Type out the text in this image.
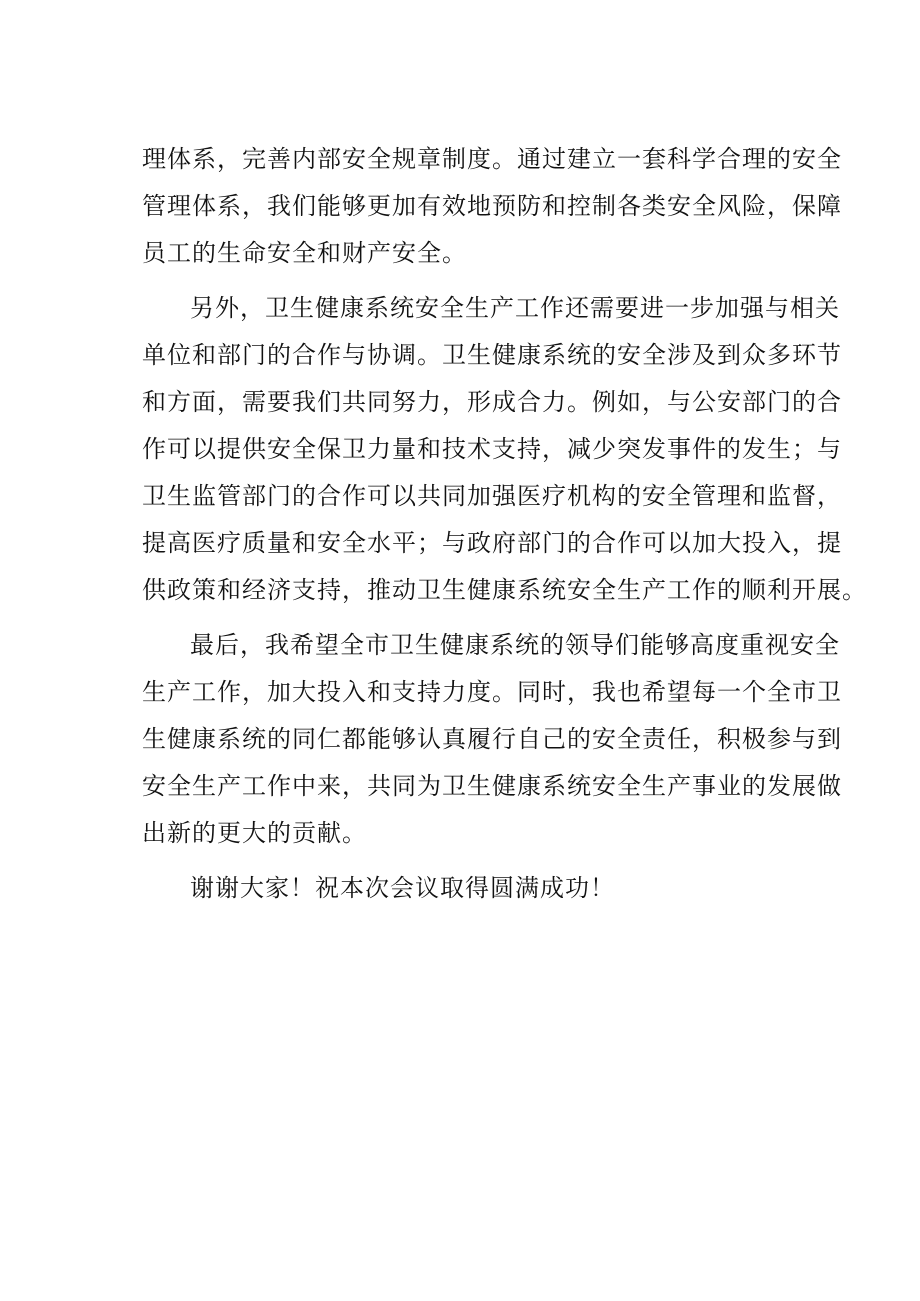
理体系，完善内部安全规章制度。通过建立一套科学合理的安全
管理体系，我们能够更加有效地预防和控制各类安全风险，保障
员工的生命安全和财产安全。

另外，卫生健康系统安全生产工作还需要进一步加强与相关
单位和部门的合作与协调。卫生健康系统的安全涉及到众多环节
和方面，需要我们共同努力，形成合力。例如，与公安部门的合
作可以提供安全保卫力量和技术支持，减少突发事件的发生；与
卫生监管部门的合作可以共同加强医疗机构的安全管理和监督，
提高医疗质量和安全水平；与政府部门的合作可以加大投入，提
供政策和经济支持，推动卫生健康系统安全生产工作的顺利开展。

最后，我希望全市卫生健康系统的领导们能够高度重视安全
生产工作，加大投入和支持力度。同时，我也希望每一个全市卫
生健康系统的同仁都能够认真履行自己的安全责任，积极参与到
安全生产工作中来，共同为卫生健康系统安全生产事业的发展做
出新的更大的贡献。

谢谢大家！祝本次会议取得圆满成功！
